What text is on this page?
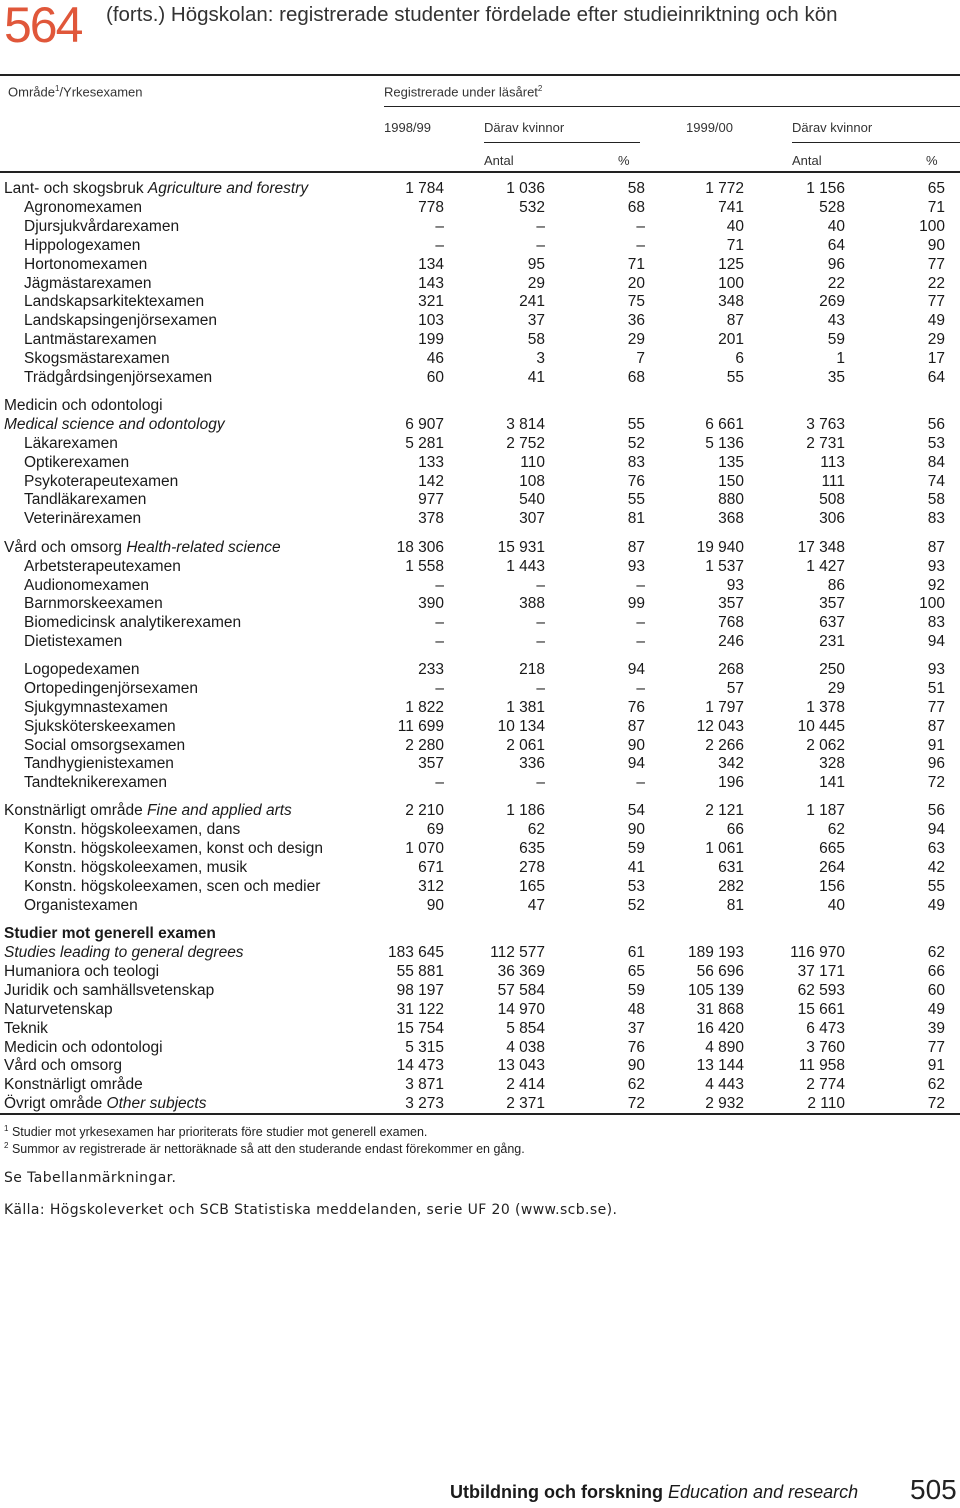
564 (forts.) Högskolan: registrerade studenter fördelade efter studieinriktning och kön
Område$^1$/Yrkesexamen	Registrerade under läsåret$^2$
1998/99	Därav kvinnor	1999/00	Därav kvinnor
Antal	%	Antal	%
Lant- och skogsbruk Agriculture and forestry	1 784	1 036	58	1 772	1 156	65
Agronomexamen	778	532	68	741	528	71
Djursjukvårdarexamen	–	–	–	40	40	100
Hippologexamen	–	–	–	71	64	90
Hortonomexamen	134	95	71	125	96	77
Jägmästarexamen	143	29	20	100	22	22
Landskapsarkitektexamen	321	241	75	348	269	77
Landskapsingenjörsexamen	103	37	36	87	43	49
Lantmästarexamen	199	58	29	201	59	29
Skogsmästarexamen	46	3	7	6	1	17
Trädgårdsingenjörsexamen	60	41	68	55	35	64
Medicin och odontologi
Medical science and odontology	6 907	3 814	55	6 661	3 763	56
Läkarexamen	5 281	2 752	52	5 136	2 731	53
Optikerexamen	133	110	83	135	113	84
Psykoterapeutexamen	142	108	76	150	111	74
Tandläkarexamen	977	540	55	880	508	58
Veterinärexamen	378	307	81	368	306	83
Vård och omsorg Health-related science	18 306	15 931	87	19 940	17 348	87
Arbetsterapeutexamen	1 558	1 443	93	1 537	1 427	93
Audionomexamen	–	–	–	93	86	92
Barnmorskeexamen	390	388	99	357	357	100
Biomedicinsk analytikerexamen	–	–	–	768	637	83
Dietistexamen	–	–	–	246	231	94
Logopedexamen	233	218	94	268	250	93
Ortopedingenjörsexamen	–	–	–	57	29	51
Sjukgymnastexamen	1 822	1 381	76	1 797	1 378	77
Sjuksköterskeexamen	11 699	10 134	87	12 043	10 445	87
Social omsorgsexamen	2 280	2 061	90	2 266	2 062	91
Tandhygienistexamen	357	336	94	342	328	96
Tandteknikerexamen	–	–	–	196	141	72
Konstnärligt område Fine and applied arts	2 210	1 186	54	2 121	1 187	56
Konstn. högskoleexamen, dans	69	62	90	66	62	94
Konstn. högskoleexamen, konst och design	1 070	635	59	1 061	665	63
Konstn. högskoleexamen, musik	671	278	41	631	264	42
Konstn. högskoleexamen, scen och medier	312	165	53	282	156	55
Organistexamen	90	47	52	81	40	49
Studier mot generell examen
Studies leading to general degrees	183 645	112 577	61	189 193	116 970	62
Humaniora och teologi	55 881	36 369	65	56 696	37 171	66
Juridik och samhällsvetenskap	98 197	57 584	59	105 139	62 593	60
Naturvetenskap	31 122	14 970	48	31 868	15 661	49
Teknik	15 754	5 854	37	16 420	6 473	39
Medicin och odontologi	5 315	4 038	76	4 890	3 760	77
Vård och omsorg	14 473	13 043	90	13 144	11 958	91
Konstnärligt område	3 871	2 414	62	4 443	2 774	62
Övrigt område Other subjects	3 273	2 371	72	2 932	2 110	72
$^1$ Studier mot yrkesexamen har prioriterats före studier mot generell examen.
$^2$ Summor av registrerade är nettoräknade så att den studerande endast förekommer en gång.
Se Tabellanmärkningar.
Källa: Högskoleverket och SCB Statistiska meddelanden, serie UF 20 (www.scb.se).
Utbildning och forskning Education and research 505
